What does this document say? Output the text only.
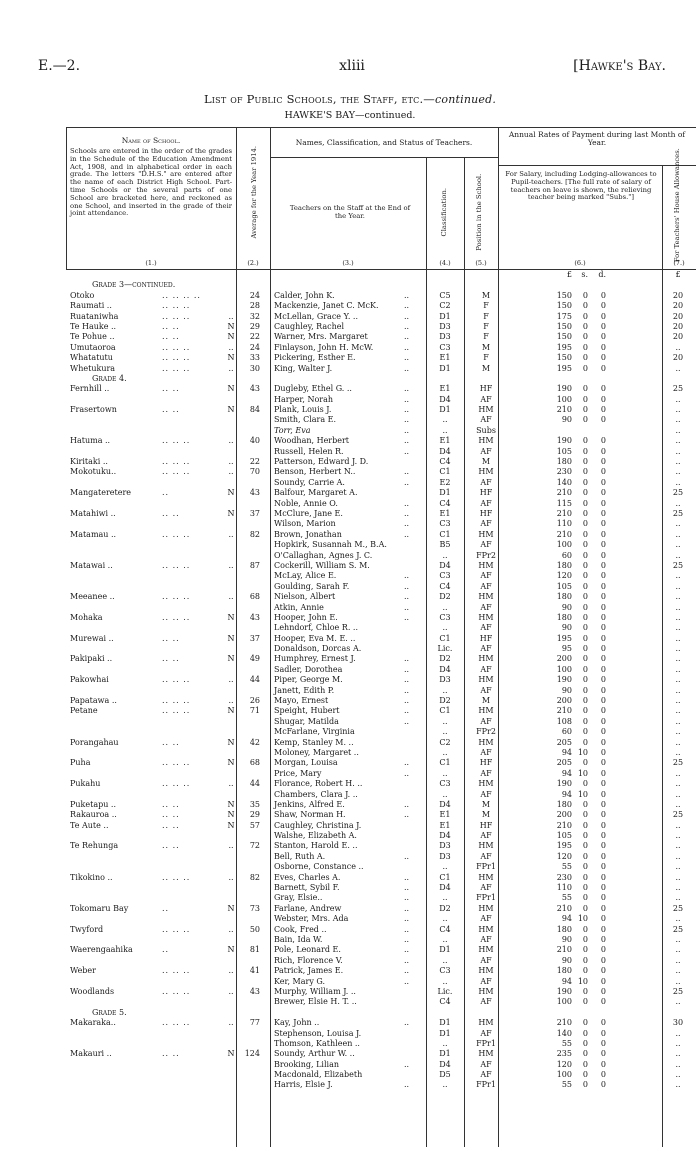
E.—2.	xliii	[Hawke's Bay.
List of Public Schools, the Staff, etc.—continued.
HAWKE'S BAY—continued.
Name of School.
Schools are entered in the order of the grades in the Schedule of the Education Amendment Act, 1908, and in alphabetical order in each grade. The letters "D.H.S." are entered after the name of each District High School. Part-time Schools or the several parts of one School are bracketed here, and reckoned as one School, and inserted in the grade of their joint attendance.	Average for the Year 1914.
Names, Classification, and Status of Teachers.
Teachers on the Staff at the End of the Year.	Classification.	Position in the School.
Annual Rates of Payment during last Month of Year.
For Salary, including Lodging-allowances to Pupil-teachers. [The full rate of salary of teachers on leave is shown, the relieving teacher being marked "Subs."]	For Teachers' House Allowances.
(1.)	(2.)	(3.)	(4.)	(5.)	(6.)	(7.)
£	s.	d.	£
Grade 3—continued.
Otoko	.. .. .. ..	24 Calder, John K.	..	C5	M	150	0	0	20
Raumati ..	.. .. ..	28 Mackenzie, Janet C. McK.	..	C2	F	150	0	0	20
Ruataniwha	.. .. ..	..	32 McLellan, Grace Y. ..	..	D1	F	175	0	0	20
Te Hauke ..	.. ..	N	29 Caughley, Rachel	..	D3	F	150	0	0	20
Te Pohue ..	.. ..	N	22 Warner, Mrs. Margaret	..	D3	F	150	0	0	20
Umutaoroa	.. .. ..	..	24 Finlayson, John H. McW.	..	C3	M	195	0	0	..
Whatatutu	.. .. ..	N	33 Pickering, Esther E.	..	E1	F	150	0	0	20
Whetukura	.. .. ..	..	30 King, Walter J.	..	D1	M	195	0	0	..
Grade 4.
Fernhill ..	.. ..	N	43 Dugleby, Ethel G. ..	..	E1	HF	190	0	0	25
Harper, Norah	..	D4	AF	100	0	0	..
Frasertown	.. ..	N	84 Plank, Louis J.	..	D1	HM	210	0	0	..
Smith, Clara E.	..	..	AF	90	0	0	..
Torr, Eva	..	..	Subs	..
Hatuma ..	.. .. ..	..	40 Woodhan, Herbert	..	E1	HM	190	0	0	..
Russell, Helen R.	..	D4	AF	105	0	0	..
Kiritaki ..	.. .. ..	..	22 Patterson, Edward J. D.	C4	M	180	0	0	..
Mokotuku..	.. .. ..	..	70 Benson, Herbert N..	..	C1	HM	230	0	0	..
Soundy, Carrie A.	..	E2	AF	140	0	0	..
Mangateretere	..	N	43 Balfour, Margaret A.	D1	HF	210	0	0	25
Noble, Annie O.	..	C4	AF	115	0	0	..
Matahiwi ..	.. ..	N	37 McClure, Jane E.	..	E1	HF	210	0	0	25
Wilson, Marion	..	C3	AF	110	0	0	..
Matamau ..	.. .. ..	..	82 Brown, Jonathan	..	C1	HM	210	0	0	..
Hopkirk, Susannah M., B.A.	B5	AF	100	0	0	..
O'Callaghan, Agnes J. C.	..	FPr2	60	0	0	..
Matawai ..	.. .. ..	..	87 Cockerill, William S. M.	D4	HM	180	0	0	25
McLay, Alice E.	..	C3	AF	120	0	0	..
Goulding, Sarah F.	..	C4	AF	105	0	0	..
Meeanee ..	.. .. ..	..	68 Nielson, Albert	..	D2	HM	180	0	0	..
Atkin, Annie	..	..	AF	90	0	0	..
Mohaka	.. .. ..	N	43 Hooper, John E.	..	C3	HM	180	0	0	..
Lehndorf, Chloe R. ..	..	AF	90	0	0	..
Murewai ..	.. ..	N	37 Hooper, Eva M. E. ..	C1	HF	195	0	0	..
Donaldson, Dorcas A.	Lic.	AF	95	0	0	..
Pakipaki ..	.. ..	N	49 Humphrey, Ernest J.	..	D2	HM	200	0	0	..
Sadler, Dorothea	..	D4	AF	100	0	0	..
Pakowhai	.. .. ..	..	44 Piper, George M.	..	D3	HM	190	0	0	..
Janett, Edith P.	..	..	AF	90	0	0	..
Papatawa ..	.. .. ..	..	26 Mayo, Ernest	..	D2	M	200	0	0	..
Petane	.. .. ..	N	71 Speight, Hubert	..	C1	HM	210	0	0	..
Shugar, Matilda	..	..	AF	108	0	0	..
McFarlane, Virginia	..	FPr2	60	0	0	..
Porangahau	.. ..	N	42 Kemp, Stanley M. ..	C2	HM	205	0	0	..
Moloney, Margaret ..	..	AF	94 10	0	..
Puha	.. .. ..	N	68 Morgan, Louisa	..	C1	HF	205	0	0	25
Price, Mary	..	..	AF	94 10	0	..
Pukahu	.. .. ..	..	44 Florance, Robert H. ..	C3	HM	190	0	0	..
Chambers, Clara J. ..	..	AF	94 10	0	..
Puketapu ..	.. ..	N	35 Jenkins, Alfred E.	..	D4	M	180	0	0	..
Rakauroa ..	.. ..	N	29 Shaw, Norman H.	..	E1	M	200	0	0	25
Te Aute ..	.. ..	N	57 Caughley, Christina J.	E1	HF	210	0	0	..
Walshe, Elizabeth A.	D4	AF	105	0	0	..
Te Rehunga	.. ..	..	72 Stanton, Harold E. ..	D3	HM	195	0	0	..
Bell, Ruth A.	..	D3	AF	120	0	0	..
Osborne, Constance ..	..	FPr1	55	0	0	..
Tikokino ..	.. .. ..	..	82 Eves, Charles A.	..	C1	HM	230	0	0	..
Barnett, Sybil F.	..	D4	AF	110	0	0	..
Gray, Elsie..	..	..	FPr1	55	0	0	..
Tokomaru Bay	..	N	73 Farlane, Andrew	..	D2	HM	210	0	0	25
Webster, Mrs. Ada	..	..	AF	94 10	0	..
Twyford	.. .. ..	..	50 Cook, Fred ..	..	C4	HM	180	0	0	25
Bain, Ida W.	..	..	AF	90	0	0	..
Waerengaahika	..	N	81 Pole, Leonard E.	..	D1	HM	210	0	0	..
Rich, Florence V.	..	..	AF	90	0	0	..
Weber	.. .. ..	..	41 Patrick, James E.	..	C3	HM	180	0	0	..
Ker, Mary G.	..	..	AF	94 10	0	..
Woodlands	.. .. ..	..	43 Murphy, William J. ..	Lic.	HM	190	0	0	25
Brewer, Elsie H. T. ..	C4	AF	100	0	0	..
Grade 5.
Makaraka..	.. .. ..	..	77 Kay, John ..	..	D1	HM	210	0	0	30
Stephenson, Louisa J.	D1	AF	140	0	0	..
Thomson, Kathleen ..	..	FPr1	55	0	0	..
Makauri ..	.. ..	N	124 Soundy, Arthur W. ..	D1	HM	235	0	0	..
Brooking, Lilian	..	D4	AF	120	0	0	..
Macdonald, Elizabeth	D5	AF	100	0	0	..
Harris, Elsie J.	..	..	FPr1	55	0	0	..
